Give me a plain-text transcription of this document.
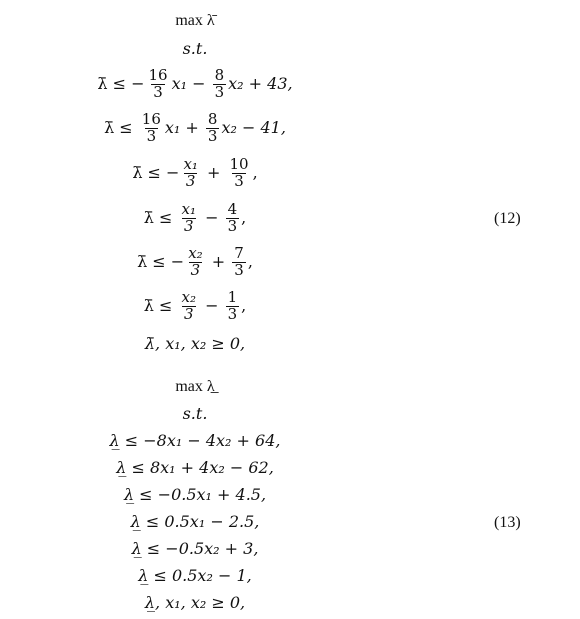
max λ̄
s.t.
λ̄ ≤ − $\frac{16}{3} x_1 - \frac{8}{3} x_2 + 43$,
λ̄ ≤ $\frac{16}{3} x_1 + \frac{8}{3} x_2 - 41$,
λ̄ ≤ − $\frac{\text{x₁}}{3} + \frac{10}{3}$ ,
λ̄ ≤ $\frac{\text{x₁}}{3} - \frac{4}{3}$ ,	(12)
λ̄ ≤ − $\frac{\text{x₂}}{3} + \frac{7}{3}$ ,
λ̄ ≤ $\frac{\text{x₂}}{3} - \frac{1}{3}$ ,
λ̄, x₁, x₂ ≥ 0,
max λ̲
s.t.
λ̲ ≤ −8x₁ − 4x₂ + 64,
λ̲ ≤ 8x₁ + 4x₂ − 62,
λ̲ ≤ −0.5x₁ + 4.5,
λ̲ ≤ 0.5x₁ − 2.5,	(13)
λ̲ ≤ −0.5x₂ + 3,
λ̲ ≤ 0.5x₂ − 1,
λ̲, x₁, x₂ ≥ 0,
